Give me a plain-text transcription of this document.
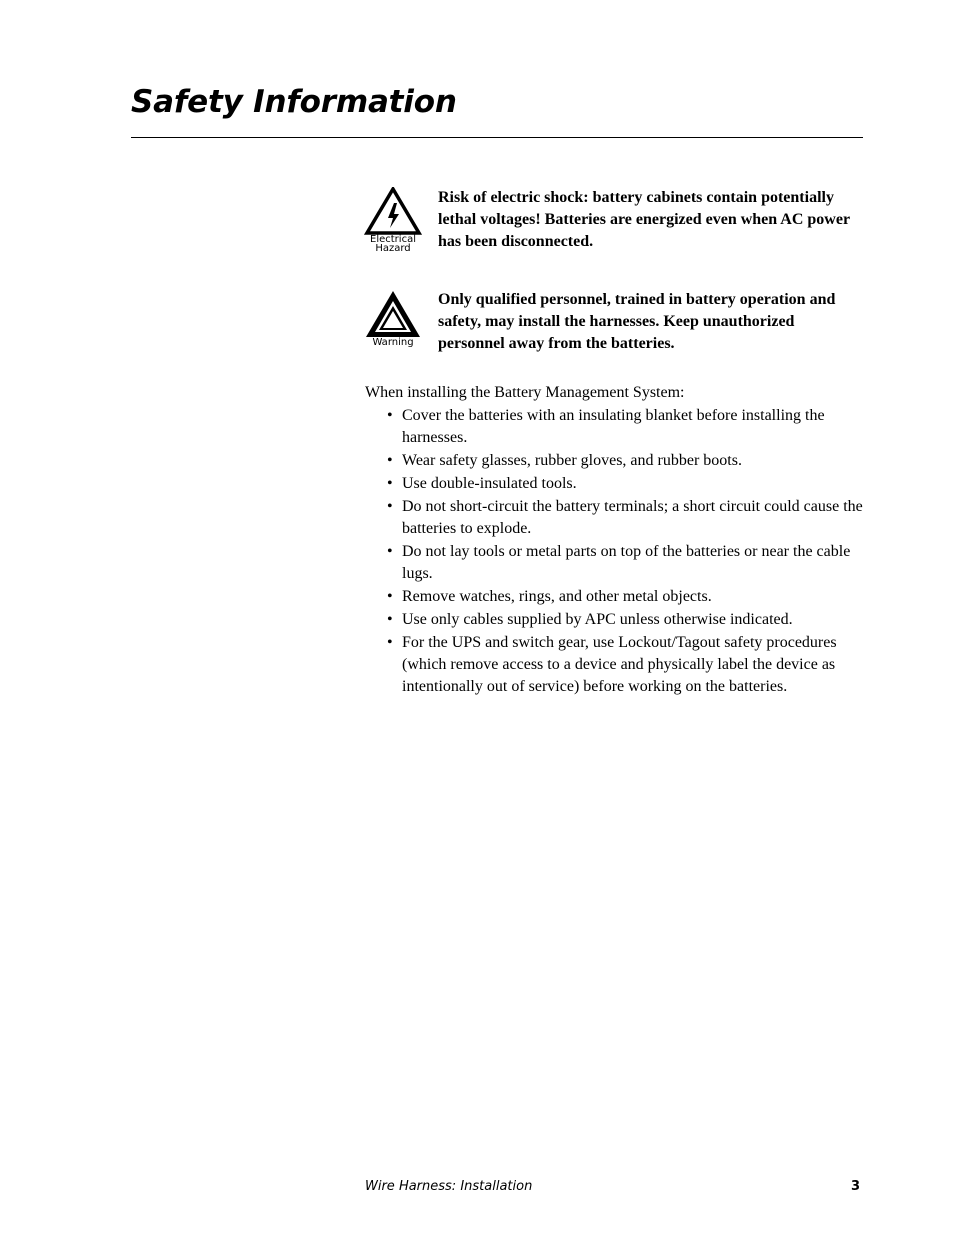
Safety Information
Electrical
Hazard
Risk of electric shock: battery cabinets contain potentially lethal voltages! Batteries are energized even when AC power has been disconnected.
Warning
Only qualified personnel, trained in battery operation and safety, may install the harnesses. Keep unauthorized personnel away from the batteries.

When installing the Battery Management System:

• Cover the batteries with an insulating blanket before installing the harnesses.
• Wear safety glasses, rubber gloves, and rubber boots.
• Use double-insulated tools.
• Do not short-circuit the battery terminals; a short circuit could cause the batteries to explode.
• Do not lay tools or metal parts on top of the batteries or near the cable lugs.
• Remove watches, rings, and other metal objects.
• Use only cables supplied by APC unless otherwise indicated.
• For the UPS and switch gear, use Lockout/Tagout safety procedures (which remove access to a device and physically label the device as intentionally out of service) before working on the batteries.
Wire Harness: Installation	3
